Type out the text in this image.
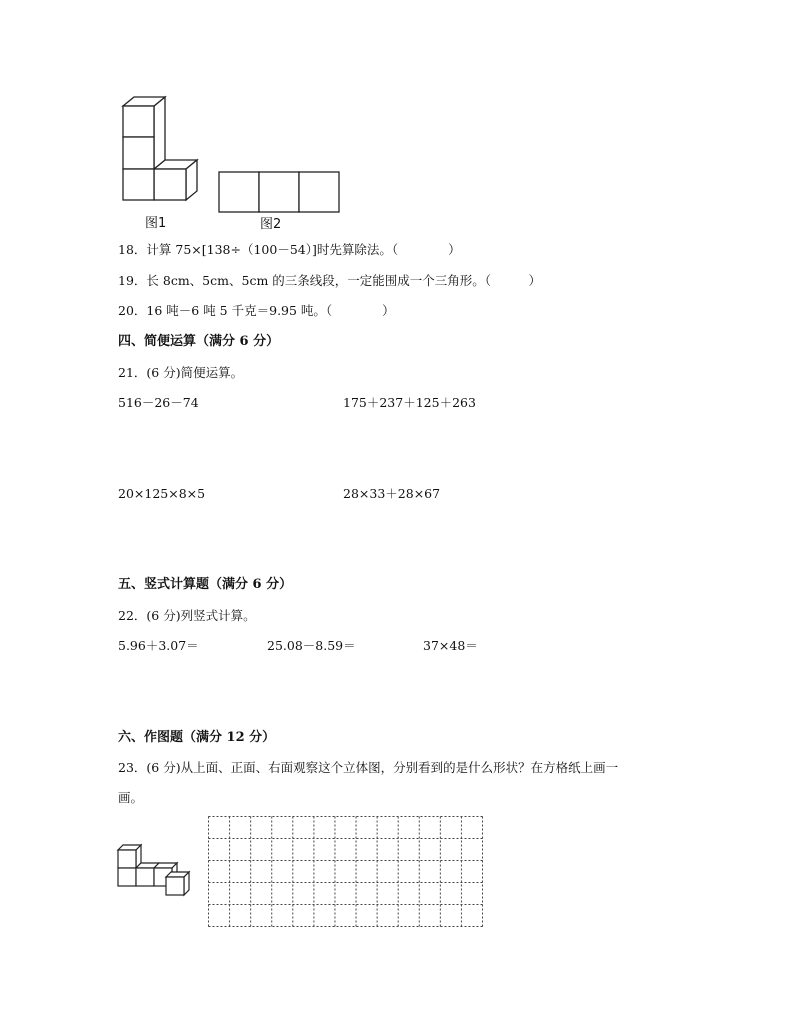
图1	图2
18．计算 75×[138÷（100－54）]时先算除法。（　　　　）
19．长 8cm、5cm、5cm 的三条线段，一定能围成一个三角形。（　　　）
20．16 吨－6 吨 5 千克＝9.95 吨。（　　　　）
四、简便运算（满分 6 分）
21．(6 分)简便运算。
516－26－74	175＋237＋125＋263
20×125×8×5	28×33＋28×67
五、竖式计算题（满分 6 分）
22．(6 分)列竖式计算。
5.96＋3.07＝	25.08－8.59＝	37×48＝
六、作图题（满分 12 分）
23．(6 分)从上面、正面、右面观察这个立体图，分别看到的是什么形状？在方格纸上画一
画。
